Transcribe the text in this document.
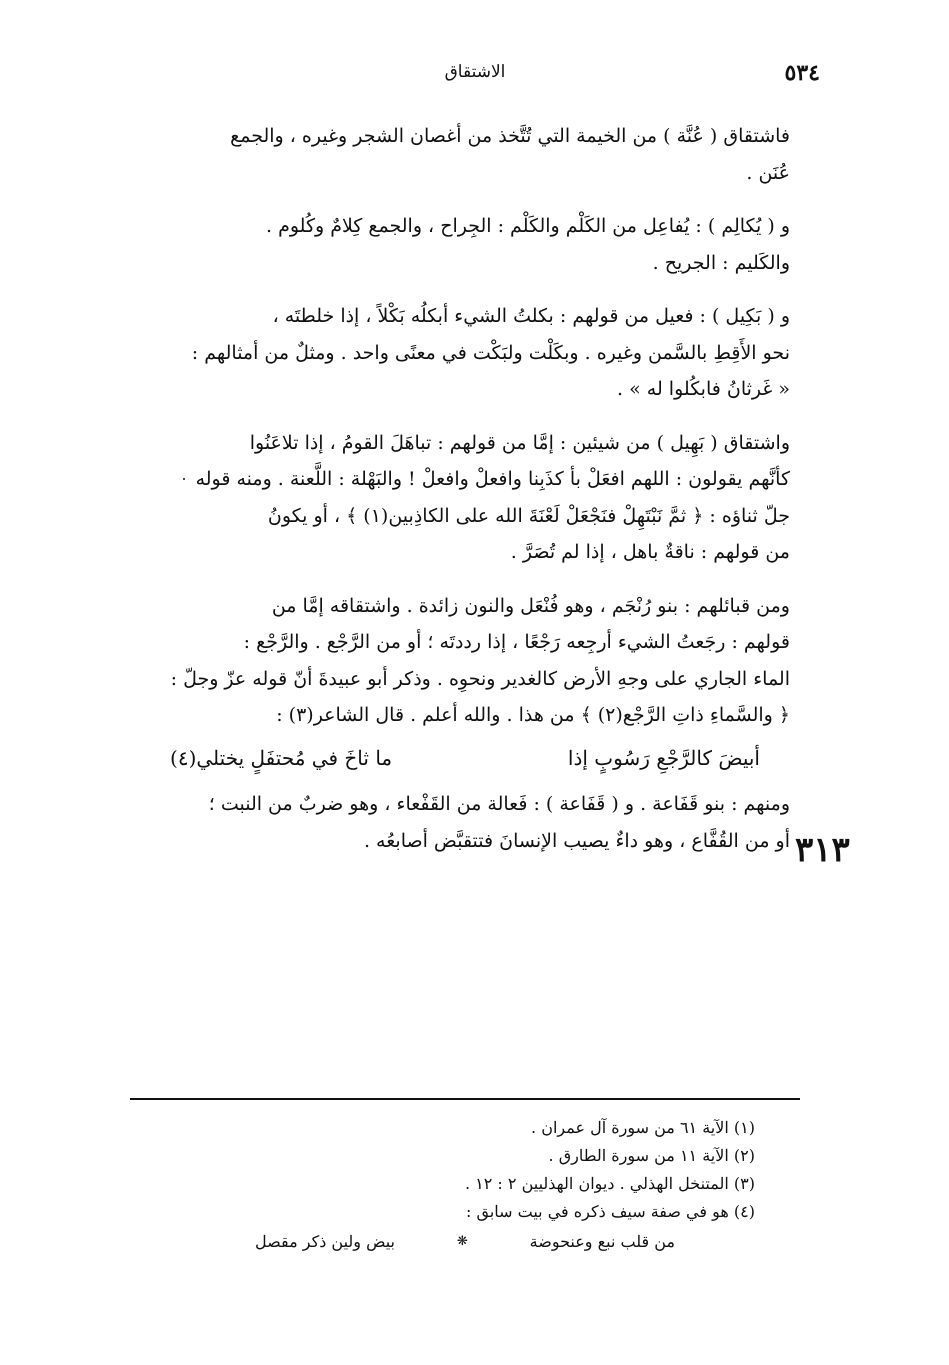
٥٣٤
الاشتقاق

فاشتقاق ( عُنَّة ) من الخيمة التي تُتَّخذ من أغصان الشجر وغيره ، والجمع
عُنَن .

و ( يُكالِم ) : يُفاعِل من الكَلْم والكَلْم : الجِراح ، والجمع كِلامٌ وكُلوم .
والكَليم : الجريح .

و ( بَكِيل ) : فعيل من قولهم : بكلتُ الشيء أبكلُه بَكْلاً ، إذا خلطتَه ،
نحو الأَقِطِ بالسَّمن وغيره . وبكَلْت ولبَكْت في معنًى واحد . ومثلٌ من أمثالهم :
« غَرثانُ فابكُلوا له » .

واشتقاق ( بَهِيل ) من شيئين : إمَّا من قولهم : تباهَلَ القومُ ، إذا تلاعَنُوا
كأنَّهم يقولون : اللهم افعَلْ بأ كذَبِنا وافعلْ وافعلْ ! والبَهْلة : اللَّعنة . ومنه قوله
جلّ ثناؤه : ﴿ ثمَّ نَبْتَهِلْ فنَجْعَلْ لَعْنَةَ الله على الكاذِبين(١) ﴾ ، أو يكونُ
من قولهم : ناقةٌ باهل ، إذا لم تُصَرَّ .

ومن قبائلهم : بنو رُنْجَم ، وهو فُنْعَل والنون زائدة . واشتقاقه إمَّا من
قولهم : رجَعتُ الشيء أرجِعه رَجْعًا ، إذا رددتَه ؛ أو من الرَّجْع . والرَّجْع :
الماء الجاري على وجهِ الأرض كالغدير ونحوِه . وذكر أبو عبيدةَ أنّ قوله عزّ وجلّ :
﴿ والسَّماءِ ذاتِ الرَّجْع(٢) ﴾ من هذا . والله أعلم . قال الشاعر(٣) :

أبيضَ كالرَّجْعِ رَسُوبٍ إذا
ما ثاخَ في مُحتفَلٍ يختلي(٤)

ومنهم : بنو قَفَاعة . و ( قَفَاعة ) : فَعالة من القَفْعاء ، وهو ضربٌ من النبت ؛
أو من القُفَّاع ، وهو داءٌ يصيب الإنسانَ فتتقبَّض أصابعُه . ٣١٣
(١) الآية ٦١ من سورة آل عمران .
(٢) الآية ١١ من سورة الطارق .
(٣) المتنخل الهذلي . ديوان الهذليين ٢ : ١٢ .
(٤) هو في صفة سيف ذكره في بيت سابق :
من قلب نبع وعنحوضة
❋
بيض ولين ذكر مقصل
